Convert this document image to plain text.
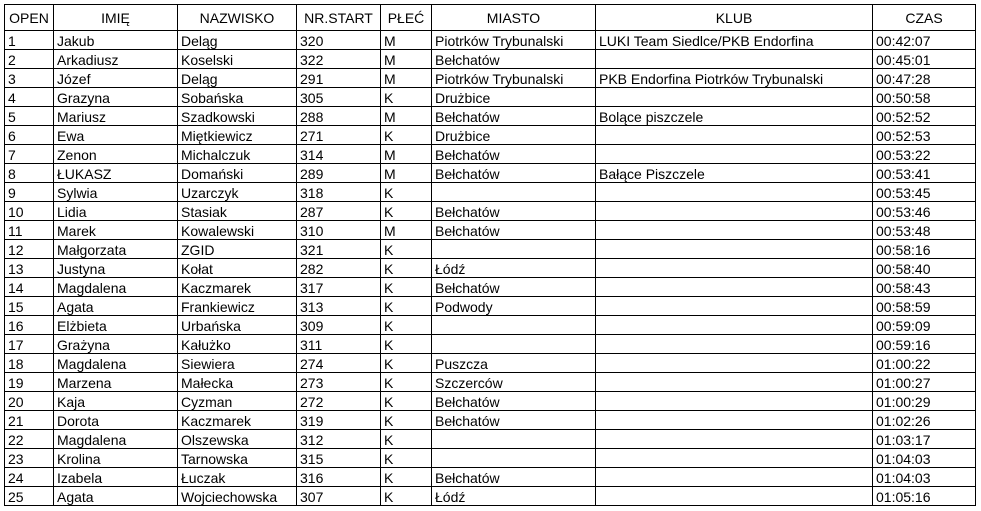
OPEN	IMIĘ	NAZWISKO	NR.START	PŁEĆ	MIASTO	KLUB	CZAS
1	Jakub	Deląg	320	M	Piotrków Trybunalski	LUKI Team Siedlce/PKB Endorfina	00:42:07
2	Arkadiusz	Koselski	322	M	Bełchatów		00:45:01
3	Józef	Deląg	291	M	Piotrków Trybunalski	PKB Endorfina Piotrków Trybunalski	00:47:28
4	Grazyna	Sobańska	305	K	Drużbice		00:50:58
5	Mariusz	Szadkowski	288	M	Bełchatów	Bolące piszczele	00:52:52
6	Ewa	Miętkiewicz	271	K	Drużbice		00:52:53
7	Zenon	Michalczuk	314	M	Bełchatów		00:53:22
8	ŁUKASZ	Domański	289	M	Bełchatów	Bałące Piszczele	00:53:41
9	Sylwia	Uzarczyk	318	K			00:53:45
10	Lidia	Stasiak	287	K	Bełchatów		00:53:46
11	Marek	Kowalewski	310	M	Bełchatów		00:53:48
12	Małgorzata	ZGID	321	K			00:58:16
13	Justyna	Kołat	282	K	Łódź		00:58:40
14	Magdalena	Kaczmarek	317	K	Bełchatów		00:58:43
15	Agata	Frankiewicz	313	K	Podwody		00:58:59
16	Elżbieta	Urbańska	309	K			00:59:09
17	Grażyna	Kałużko	311	K			00:59:16
18	Magdalena	Siewiera	274	K	Puszcza		01:00:22
19	Marzena	Małecka	273	K	Szczerców		01:00:27
20	Kaja	Cyzman	272	K	Bełchatów		01:00:29
21	Dorota	Kaczmarek	319	K	Bełchatów		01:02:26
22	Magdalena	Olszewska	312	K			01:03:17
23	Krolina	Tarnowska	315	K			01:04:03
24	Izabela	Łuczak	316	K	Bełchatów		01:04:03
25	Agata	Wojciechowska	307	K	Łódź		01:05:16
